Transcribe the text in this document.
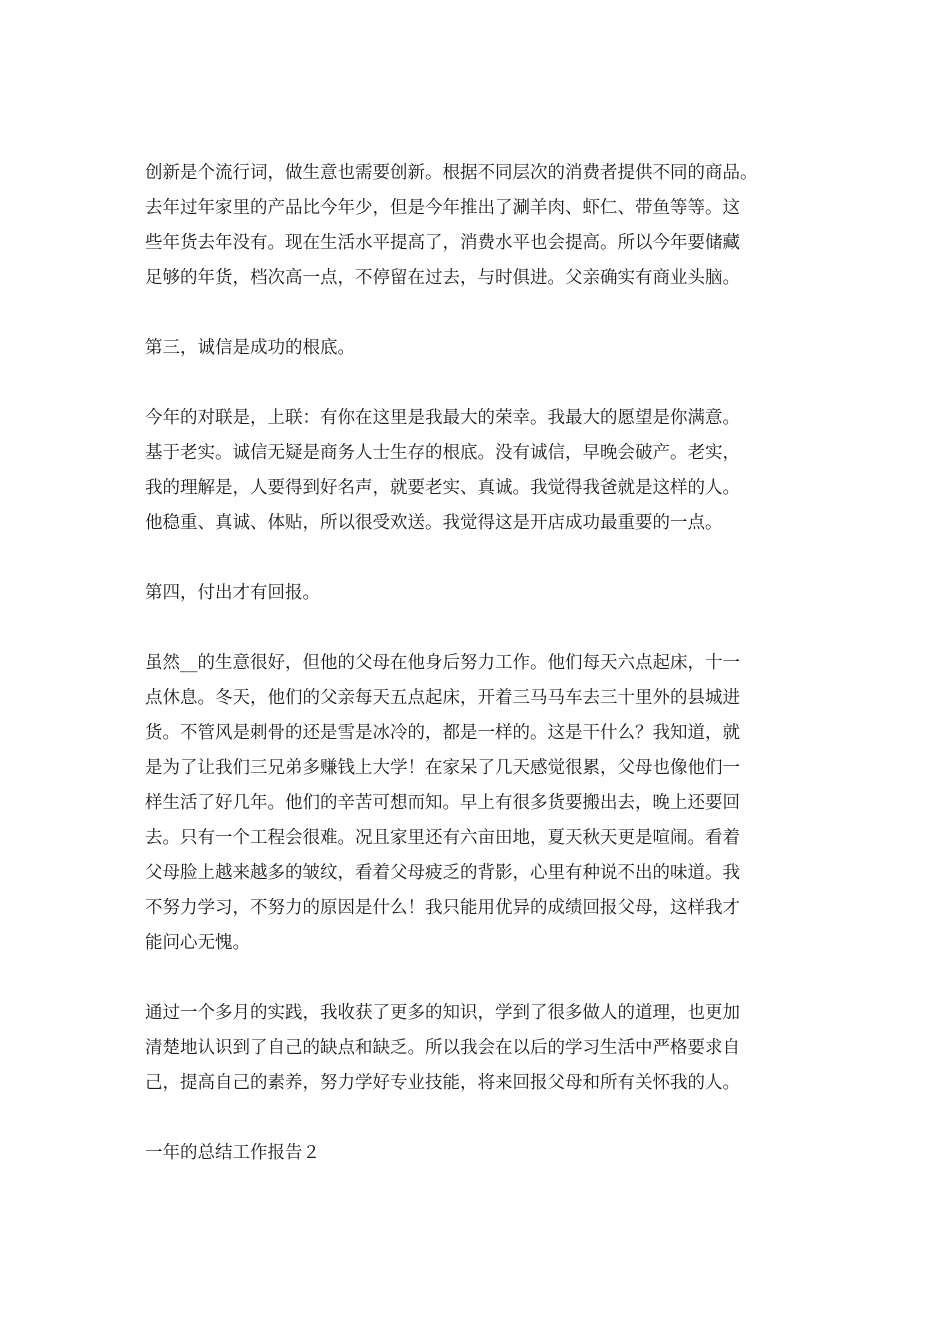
创新是个流行词，做生意也需要创新。根据不同层次的消费者提供不同的商品。
去年过年家里的产品比今年少，但是今年推出了涮羊肉、虾仁、带鱼等等。这
些年货去年没有。现在生活水平提高了，消费水平也会提高。所以今年要储藏
足够的年货，档次高一点，不停留在过去，与时俱进。父亲确实有商业头脑。

第三，诚信是成功的根底。

今年的对联是，上联：有你在这里是我最大的荣幸。我最大的愿望是你满意。
基于老实。诚信无疑是商务人士生存的根底。没有诚信，早晚会破产。老实，
我的理解是，人要得到好名声，就要老实、真诚。我觉得我爸就是这样的人。
他稳重、真诚、体贴，所以很受欢送。我觉得这是开店成功最重要的一点。

第四，付出才有回报。

虽然__的生意很好，但他的父母在他身后努力工作。他们每天六点起床，十一
点休息。冬天，他们的父亲每天五点起床，开着三马马车去三十里外的县城进
货。不管风是刺骨的还是雪是冰冷的，都是一样的。这是干什么？我知道，就
是为了让我们三兄弟多赚钱上大学！在家呆了几天感觉很累，父母也像他们一
样生活了好几年。他们的辛苦可想而知。早上有很多货要搬出去，晚上还要回
去。只有一个工程会很难。况且家里还有六亩田地，夏天秋天更是喧闹。看着
父母脸上越来越多的皱纹，看着父母疲乏的背影，心里有种说不出的味道。我
不努力学习，不努力的原因是什么！我只能用优异的成绩回报父母，这样我才
能问心无愧。

通过一个多月的实践，我收获了更多的知识，学到了很多做人的道理，也更加
清楚地认识到了自己的缺点和缺乏。所以我会在以后的学习生活中严格要求自
己，提高自己的素养，努力学好专业技能，将来回报父母和所有关怀我的人。

一年的总结工作报告２
